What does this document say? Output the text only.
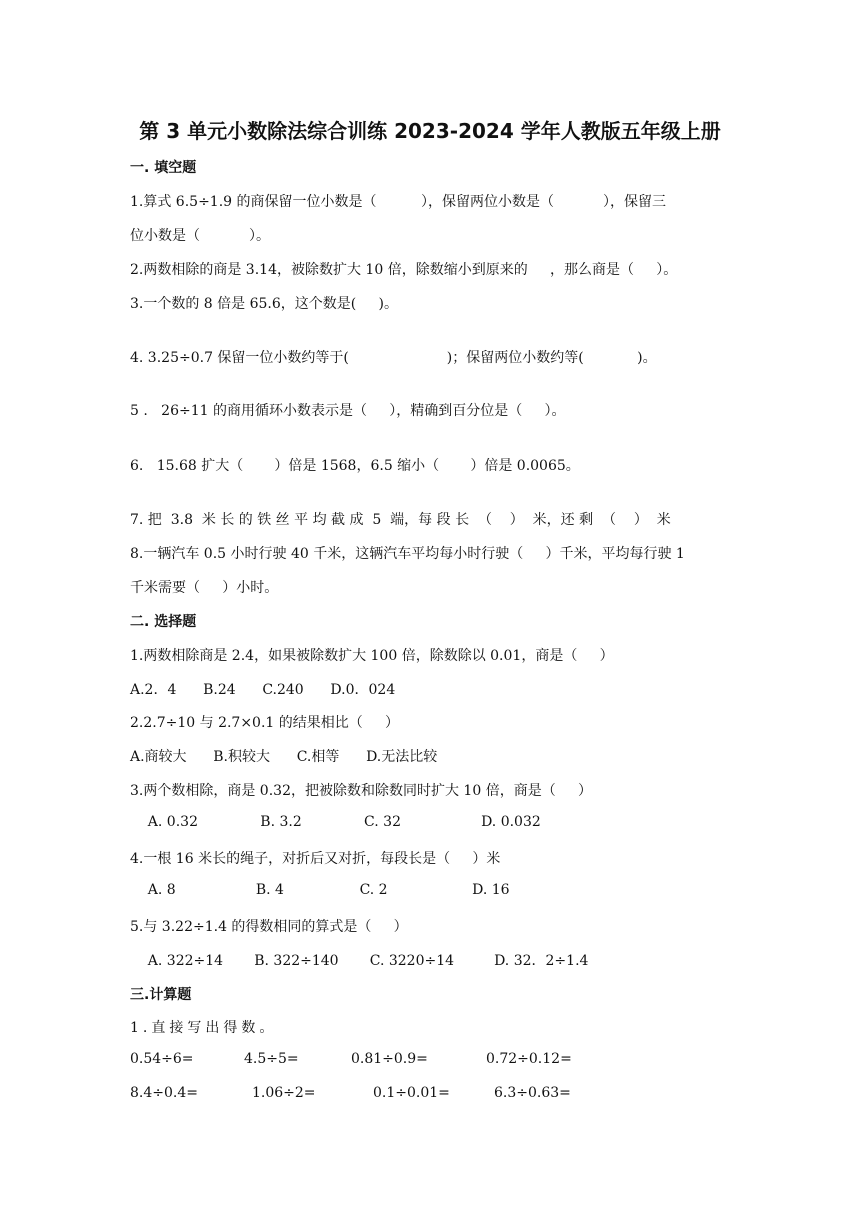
第 3 单元小数除法综合训练 2023-2024 学年人教版五年级上册
一. 填空题
1.算式 6.5÷1.9 的商保留一位小数是（          ），保留两位小数是（           ），保留三
位小数是（           ）。
2.两数相除的商是 3.14，被除数扩大 10 倍，除数缩小到原来的     ，那么商是（     ）。
3.一个数的 8 倍是 65.6，这个数是(     )。
4. 3.25÷0.7 保留一位小数约等于(                      )；保留两位小数约等(            )。
5 .   26÷11 的商用循环小数表示是（     ），精确到百分位是（     ）。
6.   15.68 扩大（       ）倍是 1568，6.5 缩小（       ）倍是 0.0065。
7. 把  3.8  米 长 的 铁 丝 平 均 截 成  5  端，每 段 长  （    ）  米，还 剩  （    ）  米
8.一辆汽车 0.5 小时行驶 40 千米，这辆汽车平均每小时行驶（     ）千米，平均每行驶 1
千米需要（     ）小时。
二. 选择题
1.两数相除商是 2.4，如果被除数扩大 100 倍，除数除以 0.01，商是（     ）
A.2．4      B.24      C.240      D.0．024
2.2.7÷10 与 2.7×0.1 的结果相比（     ）
A.商较大      B.积较大      C.相等      D.无法比较
3.两个数相除，商是 0.32，把被除数和除数同时扩大 10 倍，商是（     ）
A. 0.32              B. 3.2              C. 32                  D. 0.032
4.一根 16 米长的绳子，对折后又对折，每段长是（     ）米
A. 8                  B. 4                 C. 2                   D. 16
5.与 3.22÷1.4 的得数相同的算式是（     ）
A. 322÷14       B. 322÷140       C. 3220÷14         D. 32．2÷1.4
三.计算题
1.直接写出得数。
0.54÷6=	4.5÷5=	0.81÷0.9=	0.72÷0.12=
8.4÷0.4=	1.06÷2=	0.1÷0.01=	6.3÷0.63=
